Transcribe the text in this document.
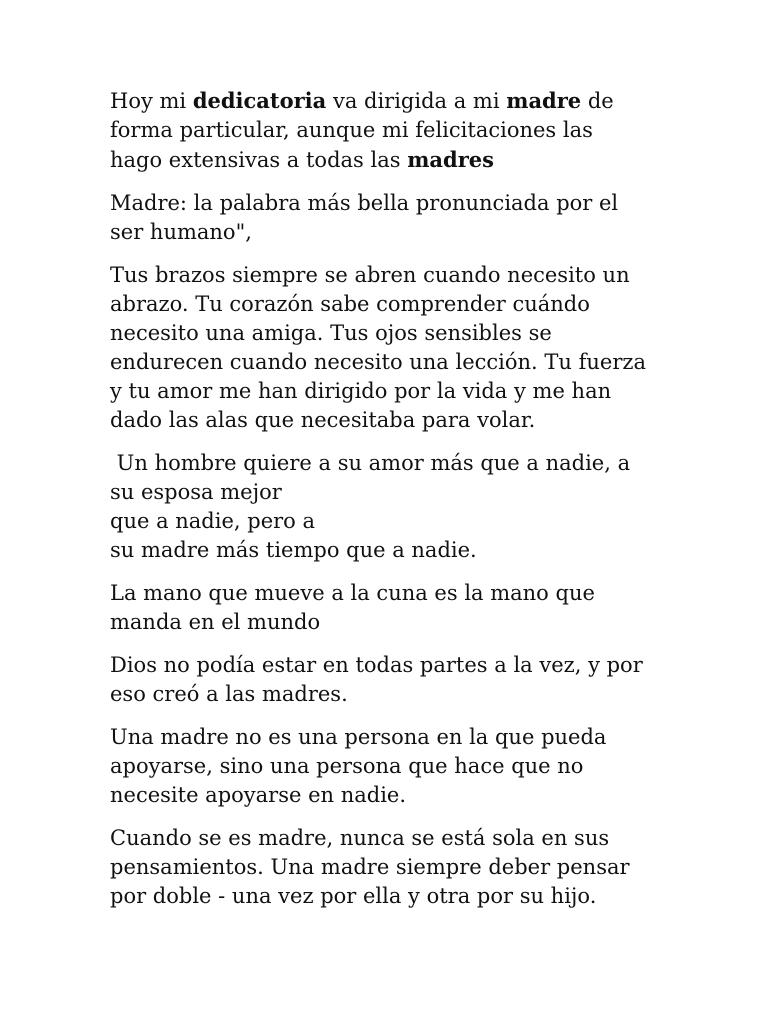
Hoy mi dedicatoria va dirigida a mi madre de
forma particular, aunque mi felicitaciones las
hago extensivas a todas las madres

Madre: la palabra más bella pronunciada por el
ser humano",

Tus brazos siempre se abren cuando necesito un
abrazo. Tu corazón sabe comprender cuándo
necesito una amiga. Tus ojos sensibles se
endurecen cuando necesito una lección. Tu fuerza
y tu amor me han dirigido por la vida y me han
dado las alas que necesitaba para volar.

Un hombre quiere a su amor más que a nadie, a
su esposa mejor
que a nadie, pero a
su madre más tiempo que a nadie.

La mano que mueve a la cuna es la mano que
manda en el mundo

Dios no podía estar en todas partes a la vez, y por
eso creó a las madres.

Una madre no es una persona en la que pueda
apoyarse, sino una persona que hace que no
necesite apoyarse en nadie.

Cuando se es madre, nunca se está sola en sus
pensamientos. Una madre siempre deber pensar
por doble - una vez por ella y otra por su hijo.
